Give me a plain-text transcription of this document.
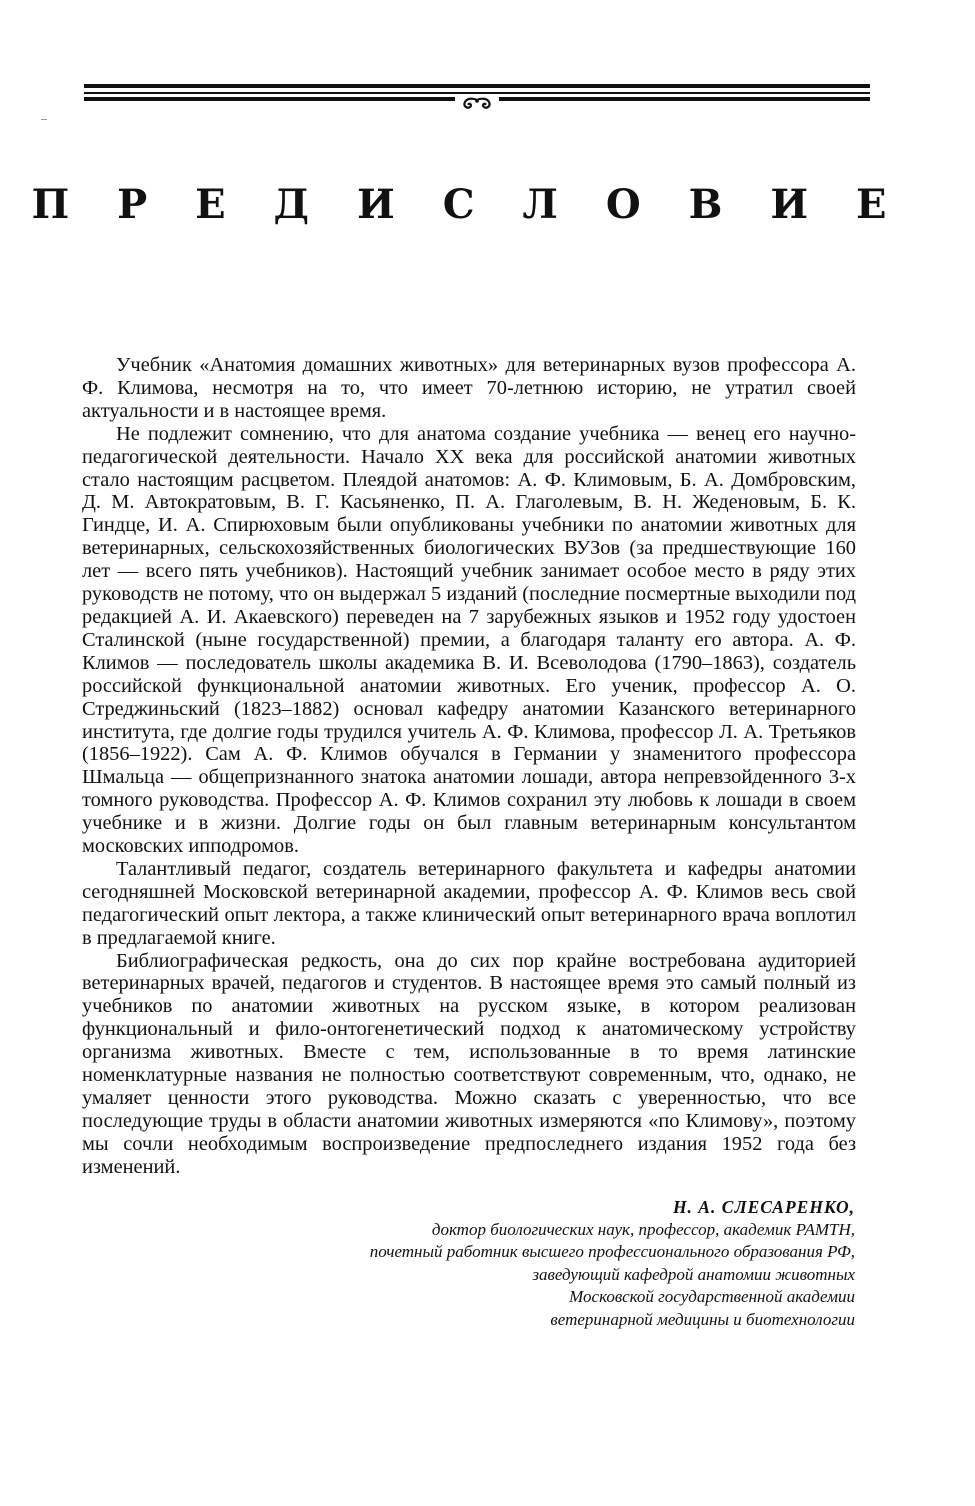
П Р Е Д И С Л О В И Е

Учебник «Анатомия домашних животных» для ветеринарных вузов профессора А. Ф. Климова, несмотря на то, что имеет 70-летнюю историю, не утратил своей актуальности и в настоящее время.

Не подлежит сомнению, что для анатома создание учебника — венец его научно-педагогической деятельности. Начало XX века для российской анатомии животных стало настоящим расцветом. Плеядой анатомов: А. Ф. Климовым, Б. А. Домбровским, Д. М. Автократовым, В. Г. Касьяненко, П. А. Глаголевым, В. Н. Жеденовым, Б. К. Гиндце, И. А. Спирюховым были опубликованы учебники по анатомии животных для ветеринарных, сельскохозяйственных биологических ВУЗов (за предшествующие 160 лет — всего пять учебников). Настоящий учебник занимает особое место в ряду этих руководств не потому, что он выдержал 5 изданий (последние посмертные выходили под редакцией А. И. Акаевского) переведен на 7 зарубежных языков и 1952 году удостоен Сталинской (ныне государственной) премии, а благодаря таланту его автора. А. Ф. Климов — последователь школы академика В. И. Всеволодова (1790–1863), создатель российской функциональной анатомии животных. Его ученик, профессор А. О. Стреджиньский (1823–1882) основал кафедру анатомии Казанского ветеринарного института, где долгие годы трудился учитель А. Ф. Климова, профессор Л. А. Третьяков (1856–1922). Сам А. Ф. Климов обучался в Германии у знаменитого профессора Шмальца — общепризнанного знатока анатомии лошади, автора непревзойденного 3-х томного руководства. Профессор А. Ф. Климов сохранил эту любовь к лошади в своем учебнике и в жизни. Долгие годы он был главным ветеринарным консультантом московских ипподромов.

Талантливый педагог, создатель ветеринарного факультета и кафедры анатомии сегодняшней Московской ветеринарной академии, профессор А. Ф. Климов весь свой педагогический опыт лектора, а также клинический опыт ветеринарного врача воплотил в предлагаемой книге.

Библиографическая редкость, она до сих пор крайне востребована аудиторией ветеринарных врачей, педагогов и студентов. В настоящее время это самый полный из учебников по анатомии животных на русском языке, в котором реализован функциональный и фило-онтогенетический подход к анатомическому устройству организма животных. Вместе с тем, использованные в то время латинские номенклатурные названия не полностью соответствуют современным, что, однако, не умаляет ценности этого руководства. Можно сказать с уверенностью, что все последующие труды в области анатомии животных измеряются «по Климову», поэтому мы сочли необходимым воспроизведение предпоследнего издания 1952 года без изменений.

Н. А. СЛЕСАРЕНКО,
доктор биологических наук, профессор, академик РАМТН,
почетный работник высшего профессионального образования РФ,
заведующий кафедрой анатомии животных
Московской государственной академии
ветеринарной медицины и биотехнологии
